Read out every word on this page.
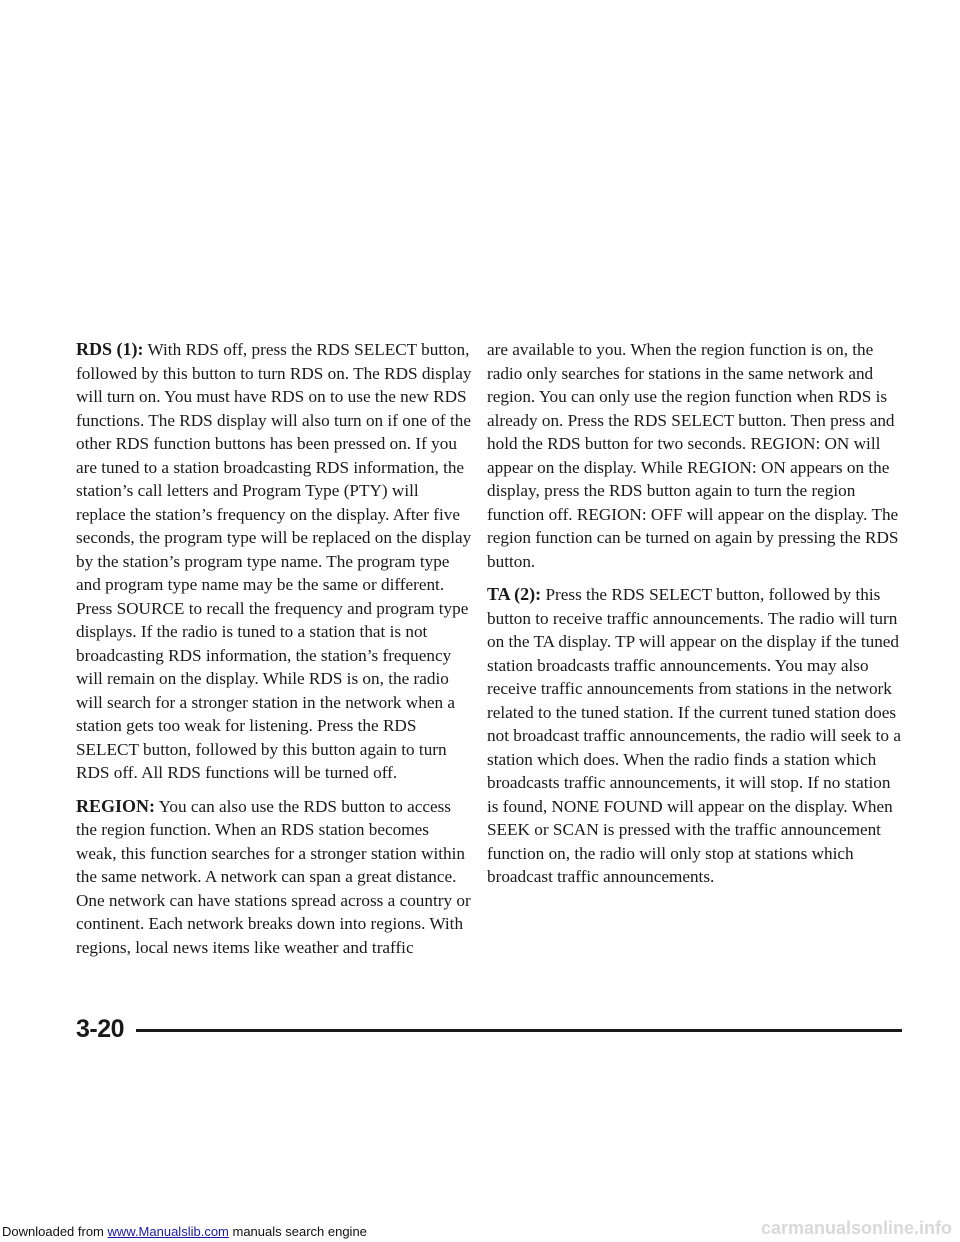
RDS (1): With RDS off, press the RDS SELECT button, followed by this button to turn RDS on. The RDS display will turn on. You must have RDS on to use the new RDS functions. The RDS display will also turn on if one of the other RDS function buttons has been pressed on. If you are tuned to a station broadcasting RDS information, the station’s call letters and Program Type (PTY) will replace the station’s frequency on the display. After five seconds, the program type will be replaced on the display by the station’s program type name. The program type and program type name may be the same or different. Press SOURCE to recall the frequency and program type displays. If the radio is tuned to a station that is not broadcasting RDS information, the station’s frequency will remain on the display. While RDS is on, the radio will search for a stronger station in the network when a station gets too weak for listening. Press the RDS SELECT button, followed by this button again to turn RDS off. All RDS functions will be turned off.

REGION: You can also use the RDS button to access the region function. When an RDS station becomes weak, this function searches for a stronger station within the same network. A network can span a great distance. One network can have stations spread across a country or continent. Each network breaks down into regions. With regions, local news items like weather and traffic

are available to you. When the region function is on, the radio only searches for stations in the same network and region. You can only use the region function when RDS is already on. Press the RDS SELECT button. Then press and hold the RDS button for two seconds. REGION: ON will appear on the display. While REGION: ON appears on the display, press the RDS button again to turn the region function off. REGION: OFF will appear on the display. The region function can be turned on again by pressing the RDS button.

TA (2): Press the RDS SELECT button, followed by this button to receive traffic announcements. The radio will turn on the TA display. TP will appear on the display if the tuned station broadcasts traffic announcements. You may also receive traffic announcements from stations in the network related to the tuned station. If the current tuned station does not broadcast traffic announcements, the radio will seek to a station which does. When the radio finds a station which broadcasts traffic announcements, it will stop. If no station is found, NONE FOUND will appear on the display. When SEEK or SCAN is pressed with the traffic announcement function on, the radio will only stop at stations which broadcast traffic announcements.

3-20
Downloaded from www.Manualslib.com manuals search engine	carmanualsonline.info
